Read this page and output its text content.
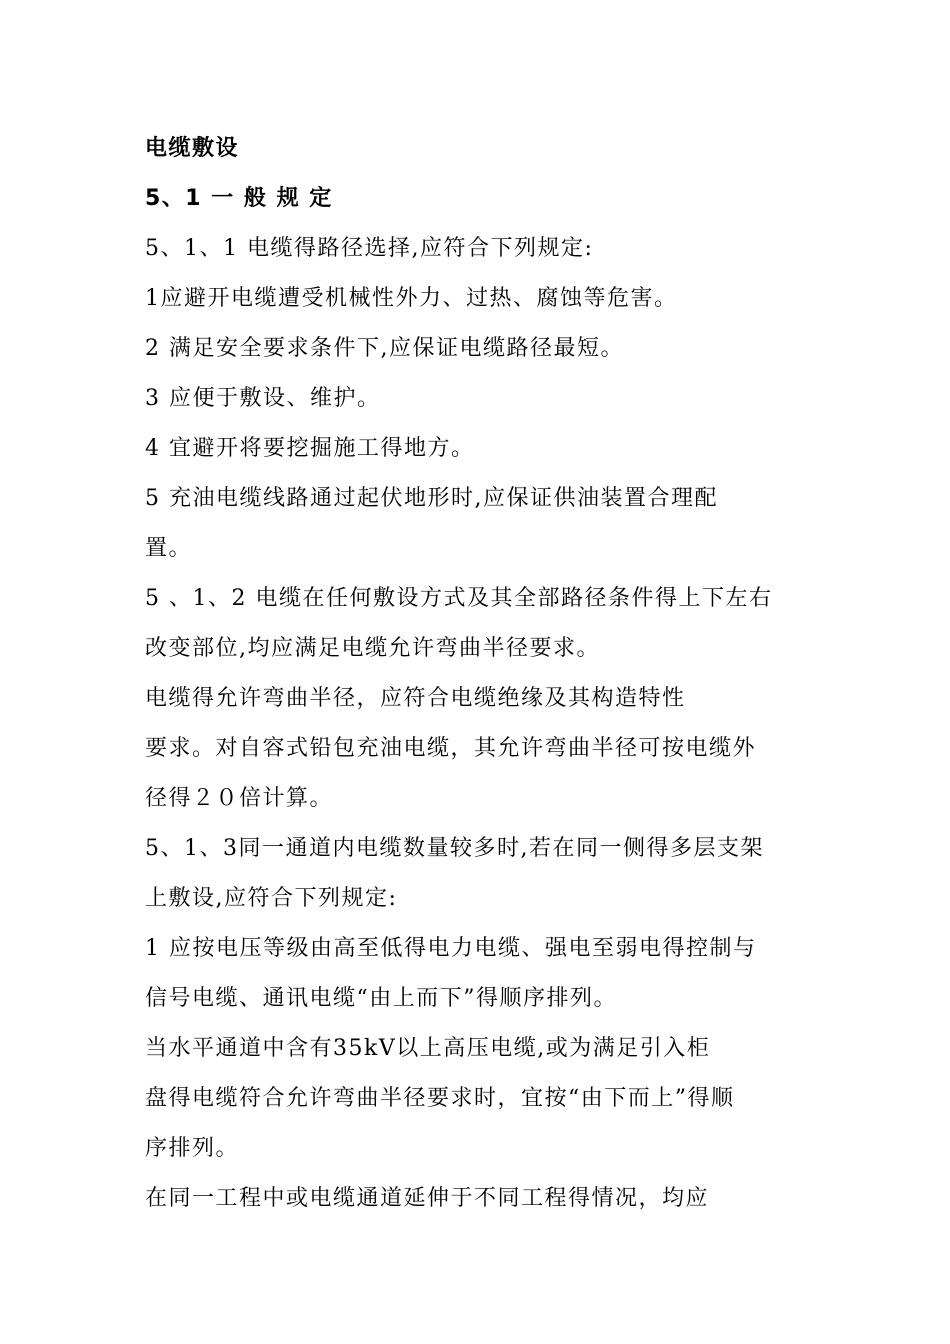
电缆敷设
5、1 一 般 规 定
5、1、1 电缆得路径选择,应符合下列规定:
1应避开电缆遭受机械性外力、过热、腐蚀等危害。
2 满足安全要求条件下,应保证电缆路径最短。
3 应便于敷设、维护。
4 宜避开将要挖掘施工得地方。
5 充油电缆线路通过起伏地形时,应保证供油装置合理配
置。
5 、1、2 电缆在任何敷设方式及其全部路径条件得上下左右
改变部位,均应满足电缆允许弯曲半径要求。
电缆得允许弯曲半径，应符合电缆绝缘及其构造特性
要求。对自容式铅包充油电缆，其允许弯曲半径可按电缆外
径得２０倍计算。
5、1、3同一通道内电缆数量较多时,若在同一侧得多层支架
上敷设,应符合下列规定:
1 应按电压等级由高至低得电力电缆、强电至弱电得控制与
信号电缆、通讯电缆“由上而下”得顺序排列。
当水平通道中含有35kV以上高压电缆,或为满足引入柜
盘得电缆符合允许弯曲半径要求时，宜按“由下而上”得顺
序排列。
在同一工程中或电缆通道延伸于不同工程得情况，均应
